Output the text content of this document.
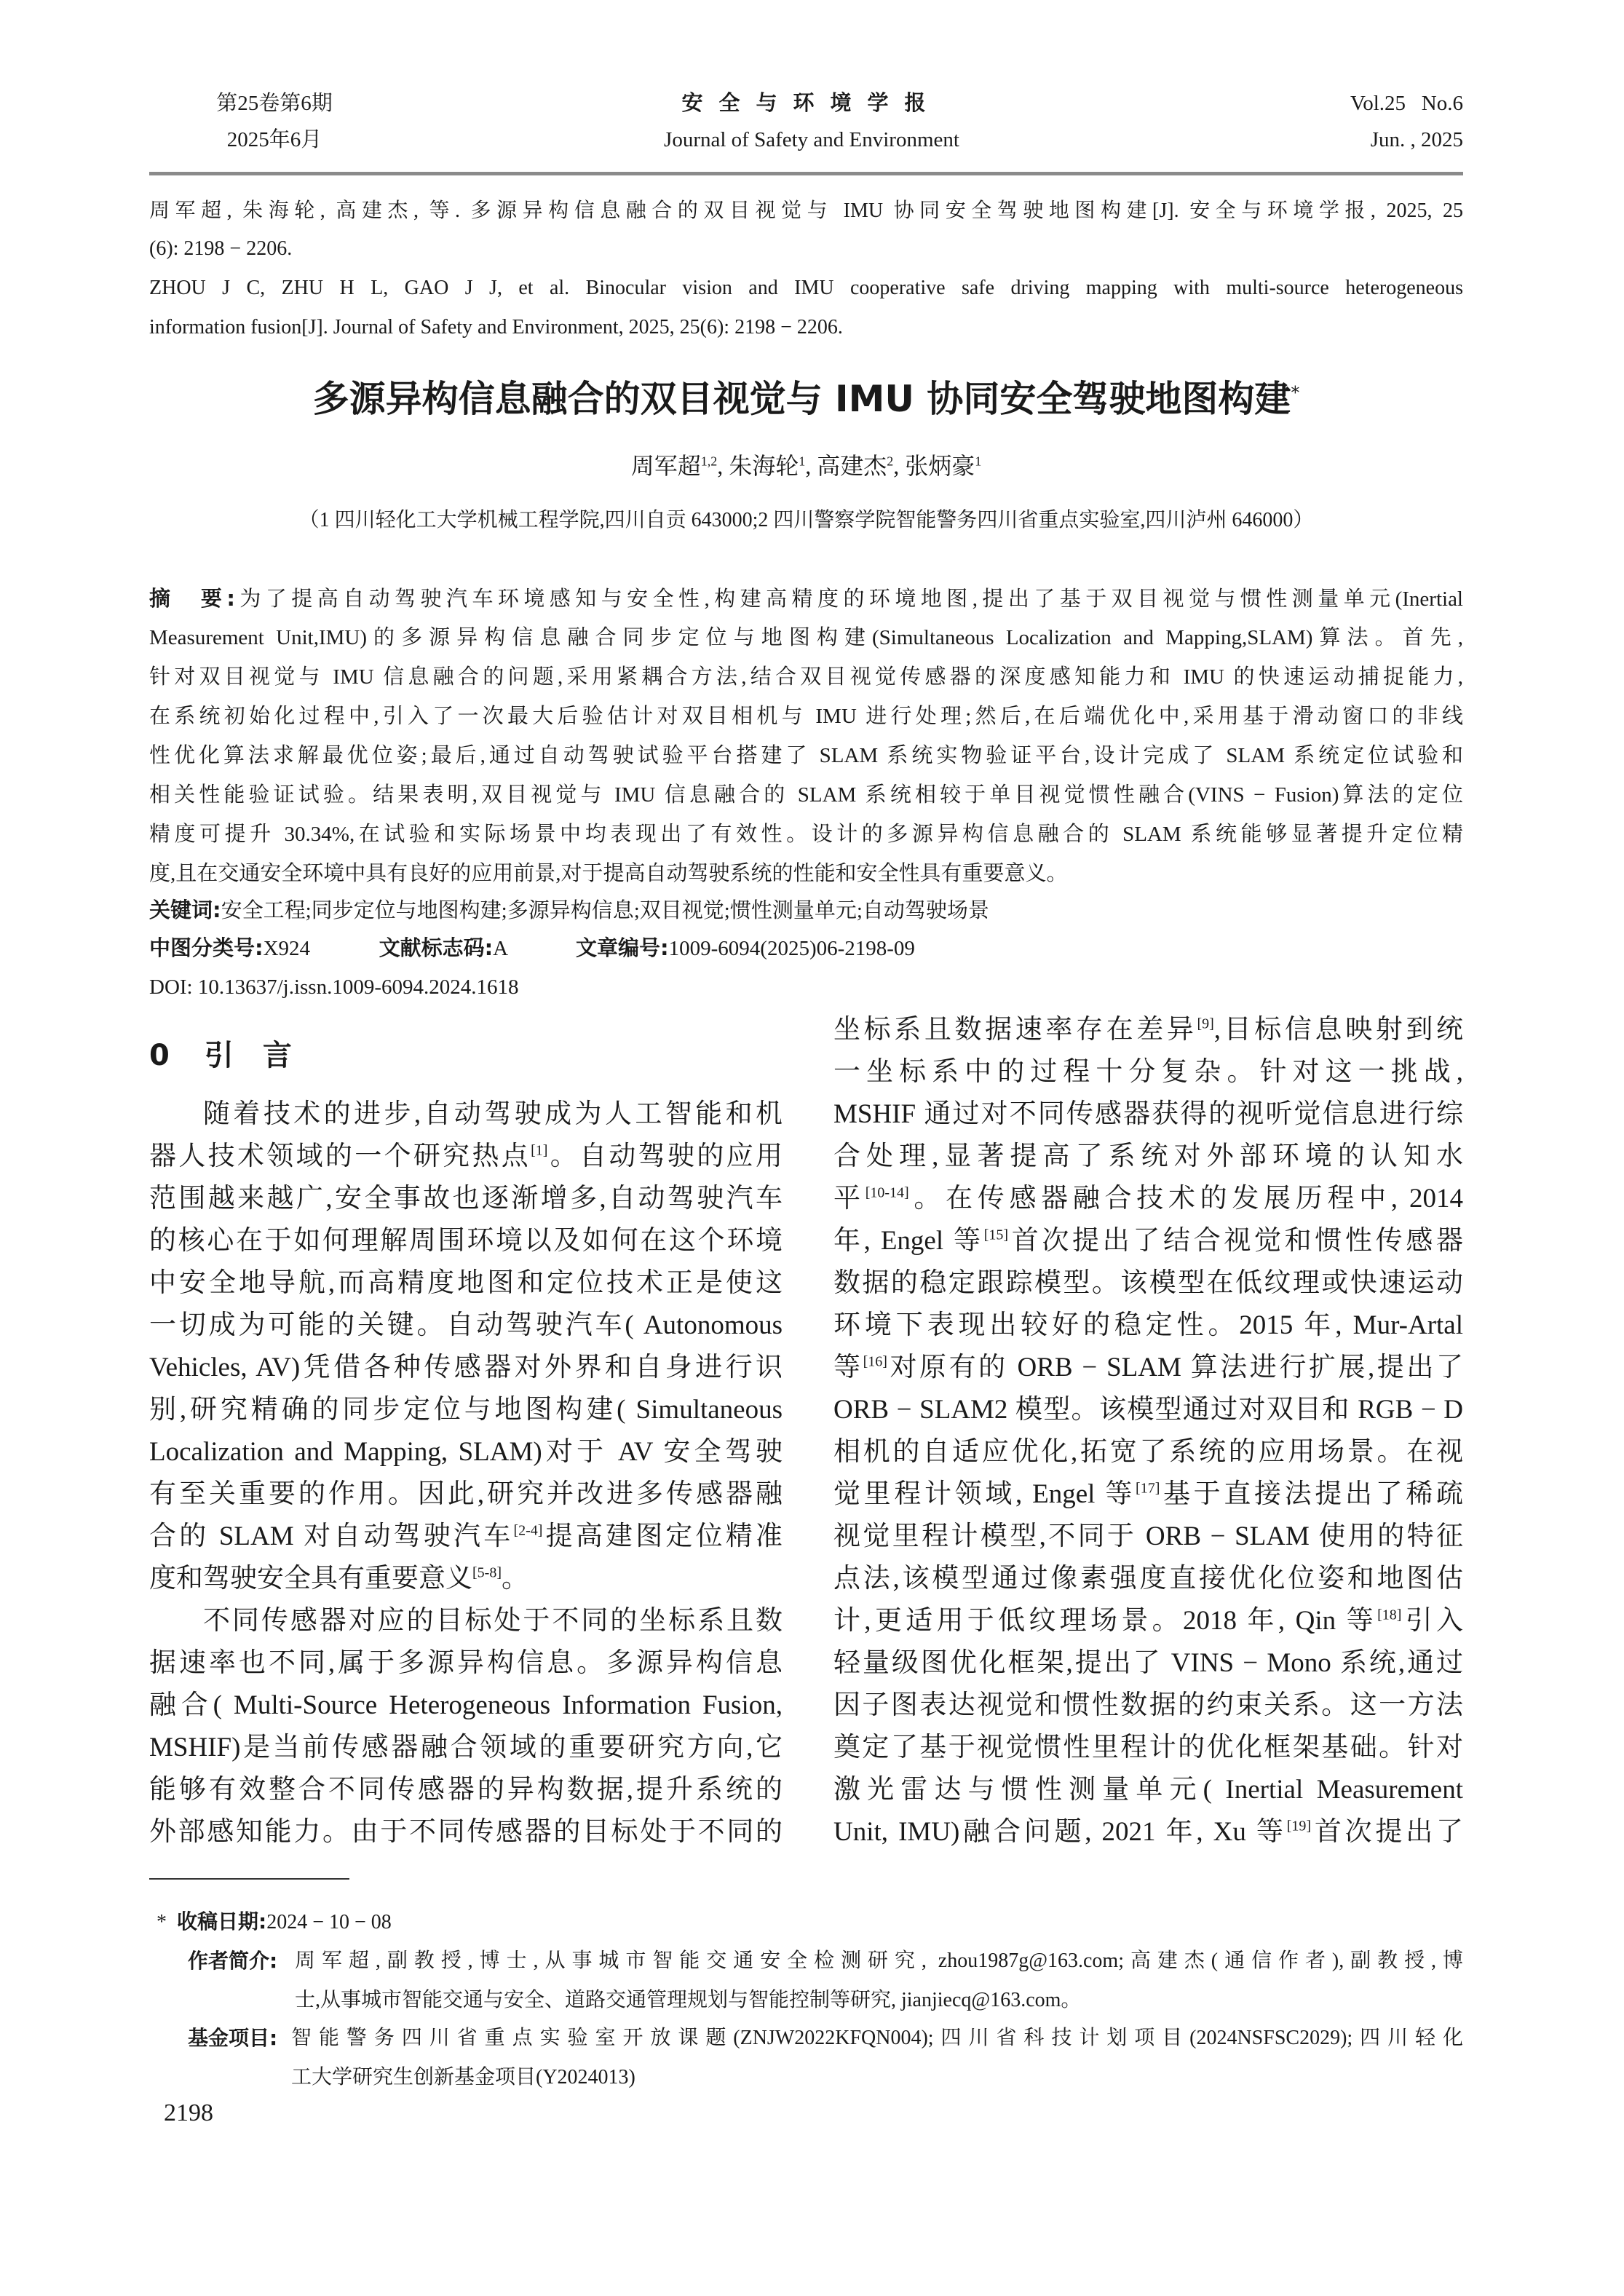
第25卷第6期
2025年6月
安全与环境学报
Journal of Safety and Environment
Vol.25   No.6
Jun. , 2025
周军超, 朱海轮, 高建杰, 等. 多源异构信息融合的双目视觉与 IMU 协同安全驾驶地图构建[J]. 安全与环境学报, 2025, 25
(6): 2198 − 2206.
ZHOU J C, ZHU H L, GAO J J, et al. Binocular vision and IMU cooperative safe driving mapping with multi-source heterogeneous
information fusion[J]. Journal of Safety and Environment, 2025, 25(6): 2198 − 2206.
多源异构信息融合的双目视觉与 IMU 协同安全驾驶地图构建*
周军超$^{1,2}$, 朱海轮$^1$, 高建杰$^2$, 张炳豪$^1$
（1 四川轻化工大学机械工程学院,四川自贡 643000;2 四川警察学院智能警务四川省重点实验室,四川泸州 646000）
摘　要:为了提高自动驾驶汽车环境感知与安全性,构建高精度的环境地图,提出了基于双目视觉与惯性测量单元(Inertial
Measurement Unit,IMU)的多源异构信息融合同步定位与地图构建(Simultaneous Localization and Mapping,SLAM)算法。首先,
针对双目视觉与 IMU 信息融合的问题,采用紧耦合方法,结合双目视觉传感器的深度感知能力和 IMU 的快速运动捕捉能力,
在系统初始化过程中,引入了一次最大后验估计对双目相机与 IMU 进行处理;然后,在后端优化中,采用基于滑动窗口的非线
性优化算法求解最优位姿;最后,通过自动驾驶试验平台搭建了 SLAM 系统实物验证平台,设计完成了 SLAM 系统定位试验和
相关性能验证试验。结果表明,双目视觉与 IMU 信息融合的 SLAM 系统相较于单目视觉惯性融合(VINS − Fusion)算法的定位
精度可提升 30.34%,在试验和实际场景中均表现出了有效性。设计的多源异构信息融合的 SLAM 系统能够显著提升定位精
度,且在交通安全环境中具有良好的应用前景,对于提高自动驾驶系统的性能和安全性具有重要意义。
关键词:安全工程;同步定位与地图构建;多源异构信息;双目视觉;惯性测量单元;自动驾驶场景
中图分类号:X924	文献标志码:A	文章编号:1009-6094(2025)06-2198-09
DOI: 10.13637/j.issn.1009-6094.2024.1618
0 引言
随着技术的进步,自动驾驶成为人工智能和机
器人技术领域的一个研究热点[1]。自动驾驶的应用
范围越来越广,安全事故也逐渐增多,自动驾驶汽车
的核心在于如何理解周围环境以及如何在这个环境
中安全地导航,而高精度地图和定位技术正是使这
一切成为可能的关键。自动驾驶汽车( Autonomous
Vehicles, AV)凭借各种传感器对外界和自身进行识
别,研究精确的同步定位与地图构建( Simultaneous
Localization and Mapping, SLAM)对于 AV 安全驾驶
有至关重要的作用。因此,研究并改进多传感器融
合的 SLAM 对自动驾驶汽车[2-4]提高建图定位精准
度和驾驶安全具有重要意义[5-8]。
不同传感器对应的目标处于不同的坐标系且数
据速率也不同,属于多源异构信息。多源异构信息
融合( Multi-Source Heterogeneous Information Fusion,
MSHIF)是当前传感器融合领域的重要研究方向,它
能够有效整合不同传感器的异构数据,提升系统的
外部感知能力。由于不同传感器的目标处于不同的
坐标系且数据速率存在差异[9],目标信息映射到统
一坐标系中的过程十分复杂。针对这一挑战,
MSHIF 通过对不同传感器获得的视听觉信息进行综
合处理,显著提高了系统对外部环境的认知水
平[10-14]。在传感器融合技术的发展历程中, 2014
年, Engel 等[15]首次提出了结合视觉和惯性传感器
数据的稳定跟踪模型。该模型在低纹理或快速运动
环境下表现出较好的稳定性。2015 年, Mur-Artal
等[16]对原有的 ORB − SLAM 算法进行扩展,提出了
ORB − SLAM2 模型。该模型通过对双目和 RGB − D
相机的自适应优化,拓宽了系统的应用场景。在视
觉里程计领域, Engel 等[17]基于直接法提出了稀疏
视觉里程计模型,不同于 ORB − SLAM 使用的特征
点法,该模型通过像素强度直接优化位姿和地图估
计,更适用于低纹理场景。2018 年, Qin 等[18]引入
轻量级图优化框架,提出了 VINS − Mono 系统,通过
因子图表达视觉和惯性数据的约束关系。这一方法
奠定了基于视觉惯性里程计的优化框架基础。针对
激光雷达与惯性测量单元( Inertial Measurement
Unit, IMU)融合问题, 2021 年, Xu 等[19]首次提出了
* 收稿日期:2024 − 10 − 08
作者简介: 周军超,副教授,博士,从事城市智能交通安全检测研究, zhou1987g@163.com;高建杰(通信作者),副教授,博
士,从事城市智能交通与安全、道路交通管理规划与智能控制等研究, jianjiecq@163.com。
基金项目: 智能警务四川省重点实验室开放课题(ZNJW2022KFQN004);四川省科技计划项目(2024NSFSC2029);四川轻化
工大学研究生创新基金项目(Y2024013)
2198
